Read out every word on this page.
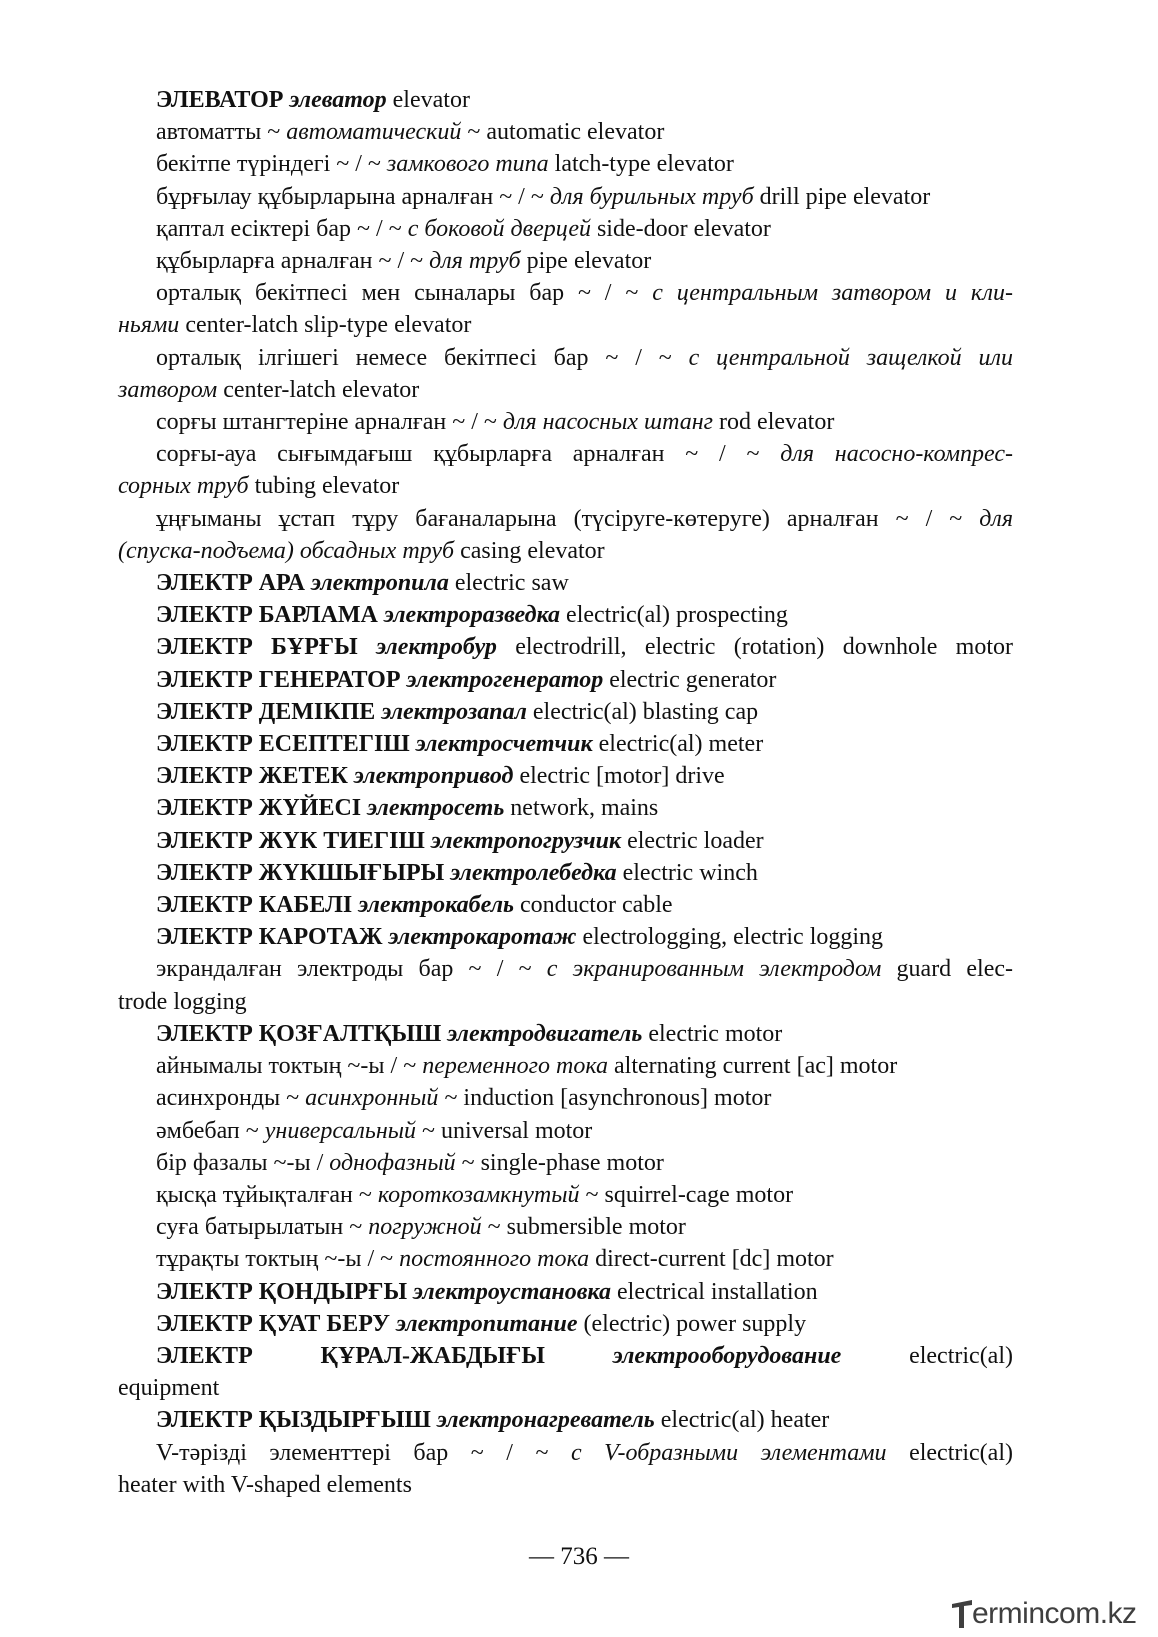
ЭЛЕВАТОР элеватор elevator
автоматты ~ автоматический ~ automatic elevator
бекітпе түріндегі ~ / ~ замкового типа latch-type elevator
бұрғылау құбырларына арналған ~ / ~ для бурильных труб drill pipe elevator
қаптал есіктері бар ~ / ~ с боковой дверцей side-door elevator
құбырларға арналған ~ / ~ для труб pipe elevator
орталық бекітпесі мен сыналары бар ~ / ~ с центральным затвором и кли-
ньями center-latch slip-type elevator
орталық ілгішегі немесе бекітпесі бар ~ / ~ с центральной защелкой или
затвором center-latch elevator
сорғы штангтеріне арналған ~ / ~ для насосных штанг rod elevator
сорғы-ауа сығымдағыш құбырларға арналған ~ / ~ для насосно-компрес-
сорных труб tubing elevator
ұңғыманы ұстап тұру бағаналарына (түсіруге-көтеруге) арналған ~ / ~ для
(спуска-подъема) обсадных труб casing elevator
ЭЛЕКТР АРА электропила electric saw
ЭЛЕКТР БАРЛАМА электроразведка electric(al) prospecting
ЭЛЕКТР БҰРҒЫ электробур electrodrill, electric (rotation) downhole motor
ЭЛЕКТР ГЕНЕРАТОР электрогенератор electric generator
ЭЛЕКТР ДЕМІКПЕ электрозапал electric(al) blasting cap
ЭЛЕКТР ЕСЕПТЕГІШ электросчетчик electric(al) meter
ЭЛЕКТР ЖЕТЕК электропривод electric [motor] drive
ЭЛЕКТР ЖҮЙЕСІ электросеть network, mains
ЭЛЕКТР ЖҮК ТИЕГІШ электропогрузчик electric loader
ЭЛЕКТР ЖҮКШЫҒЫРЫ электролебедка electric winch
ЭЛЕКТР КАБЕЛІ электрокабель conductor cable
ЭЛЕКТР КАРОТАЖ электрокаротаж electrologging, electric logging
экрандалған электроды бар ~ / ~ с экранированным электродом guard elec-
trode logging
ЭЛЕКТР ҚОЗҒАЛТҚЫШ электродвигатель electric motor
айнымалы токтың ~-ы / ~ переменного тока alternating current [ac] motor
асинхронды ~ асинхронный ~ induction [asynchronous] motor
әмбебап ~ универсальный ~ universal motor
бір фазалы ~-ы / однофазный ~ single-phase motor
қысқа тұйықталған ~ короткозамкнутый ~ squirrel-cage motor
суға батырылатын ~ погружной ~ submersible motor
тұрақты токтың ~-ы / ~ постоянного тока direct-current [dc] motor
ЭЛЕКТР ҚОНДЫРҒЫ электроустановка electrical installation
ЭЛЕКТР ҚУАТ БЕРУ электропитание (electric) power supply
ЭЛЕКТР ҚҰРАЛ-ЖАБДЫҒЫ электрооборудование electric(al)
equipment
ЭЛЕКТР ҚЫЗДЫРҒЫШ электронагреватель electric(al) heater
V-тәрізді элементтері бар ~ / ~ с V-образными элементами electric(al)
heater with V-shaped elements
— 736 —
ermincom.kz
